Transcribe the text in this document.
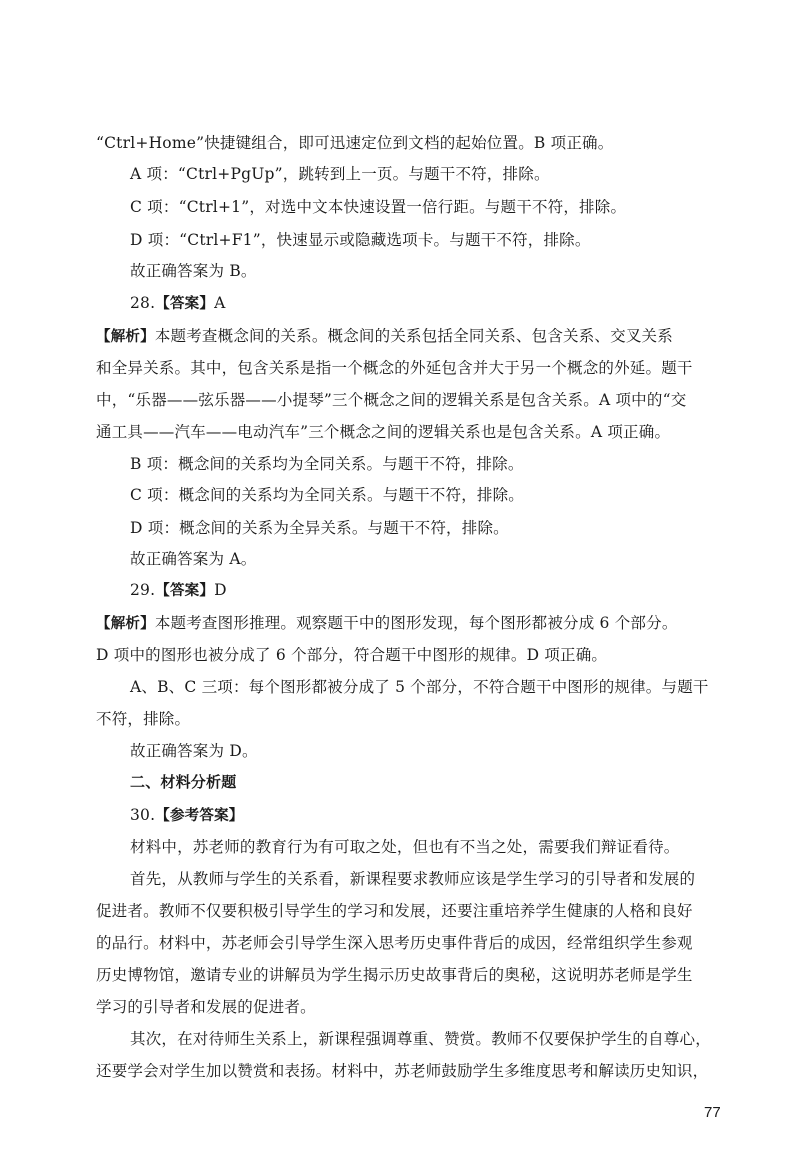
“Ctrl+Home”快捷键组合，即可迅速定位到文档的起始位置。B 项正确。
A 项：“Ctrl+PgUp”，跳转到上一页。与题干不符，排除。
C 项：“Ctrl+1”，对选中文本快速设置一倍行距。与题干不符，排除。
D 项：“Ctrl+F1”，快速显示或隐藏选项卡。与题干不符，排除。
故正确答案为 B。
28.【答案】A
【解析】本题考查概念间的关系。概念间的关系包括全同关系、包含关系、交叉关系
和全异关系。其中，包含关系是指一个概念的外延包含并大于另一个概念的外延。题干
中，“乐器——弦乐器——小提琴”三个概念之间的逻辑关系是包含关系。A 项中的“交
通工具——汽车——电动汽车”三个概念之间的逻辑关系也是包含关系。A 项正确。
B 项：概念间的关系均为全同关系。与题干不符，排除。
C 项：概念间的关系均为全同关系。与题干不符，排除。
D 项：概念间的关系为全异关系。与题干不符，排除。
故正确答案为 A。
29.【答案】D
【解析】本题考查图形推理。观察题干中的图形发现，每个图形都被分成 6 个部分。
D 项中的图形也被分成了 6 个部分，符合题干中图形的规律。D 项正确。
A、B、C 三项：每个图形都被分成了 5 个部分，不符合题干中图形的规律。与题干
不符，排除。
故正确答案为 D。
二、材料分析题
30.【参考答案】
材料中，苏老师的教育行为有可取之处，但也有不当之处，需要我们辩证看待。
首先，从教师与学生的关系看，新课程要求教师应该是学生学习的引导者和发展的
促进者。教师不仅要积极引导学生的学习和发展，还要注重培养学生健康的人格和良好
的品行。材料中，苏老师会引导学生深入思考历史事件背后的成因，经常组织学生参观
历史博物馆，邀请专业的讲解员为学生揭示历史故事背后的奥秘，这说明苏老师是学生
学习的引导者和发展的促进者。
其次，在对待师生关系上，新课程强调尊重、赞赏。教师不仅要保护学生的自尊心，
还要学会对学生加以赞赏和表扬。材料中，苏老师鼓励学生多维度思考和解读历史知识，
77
